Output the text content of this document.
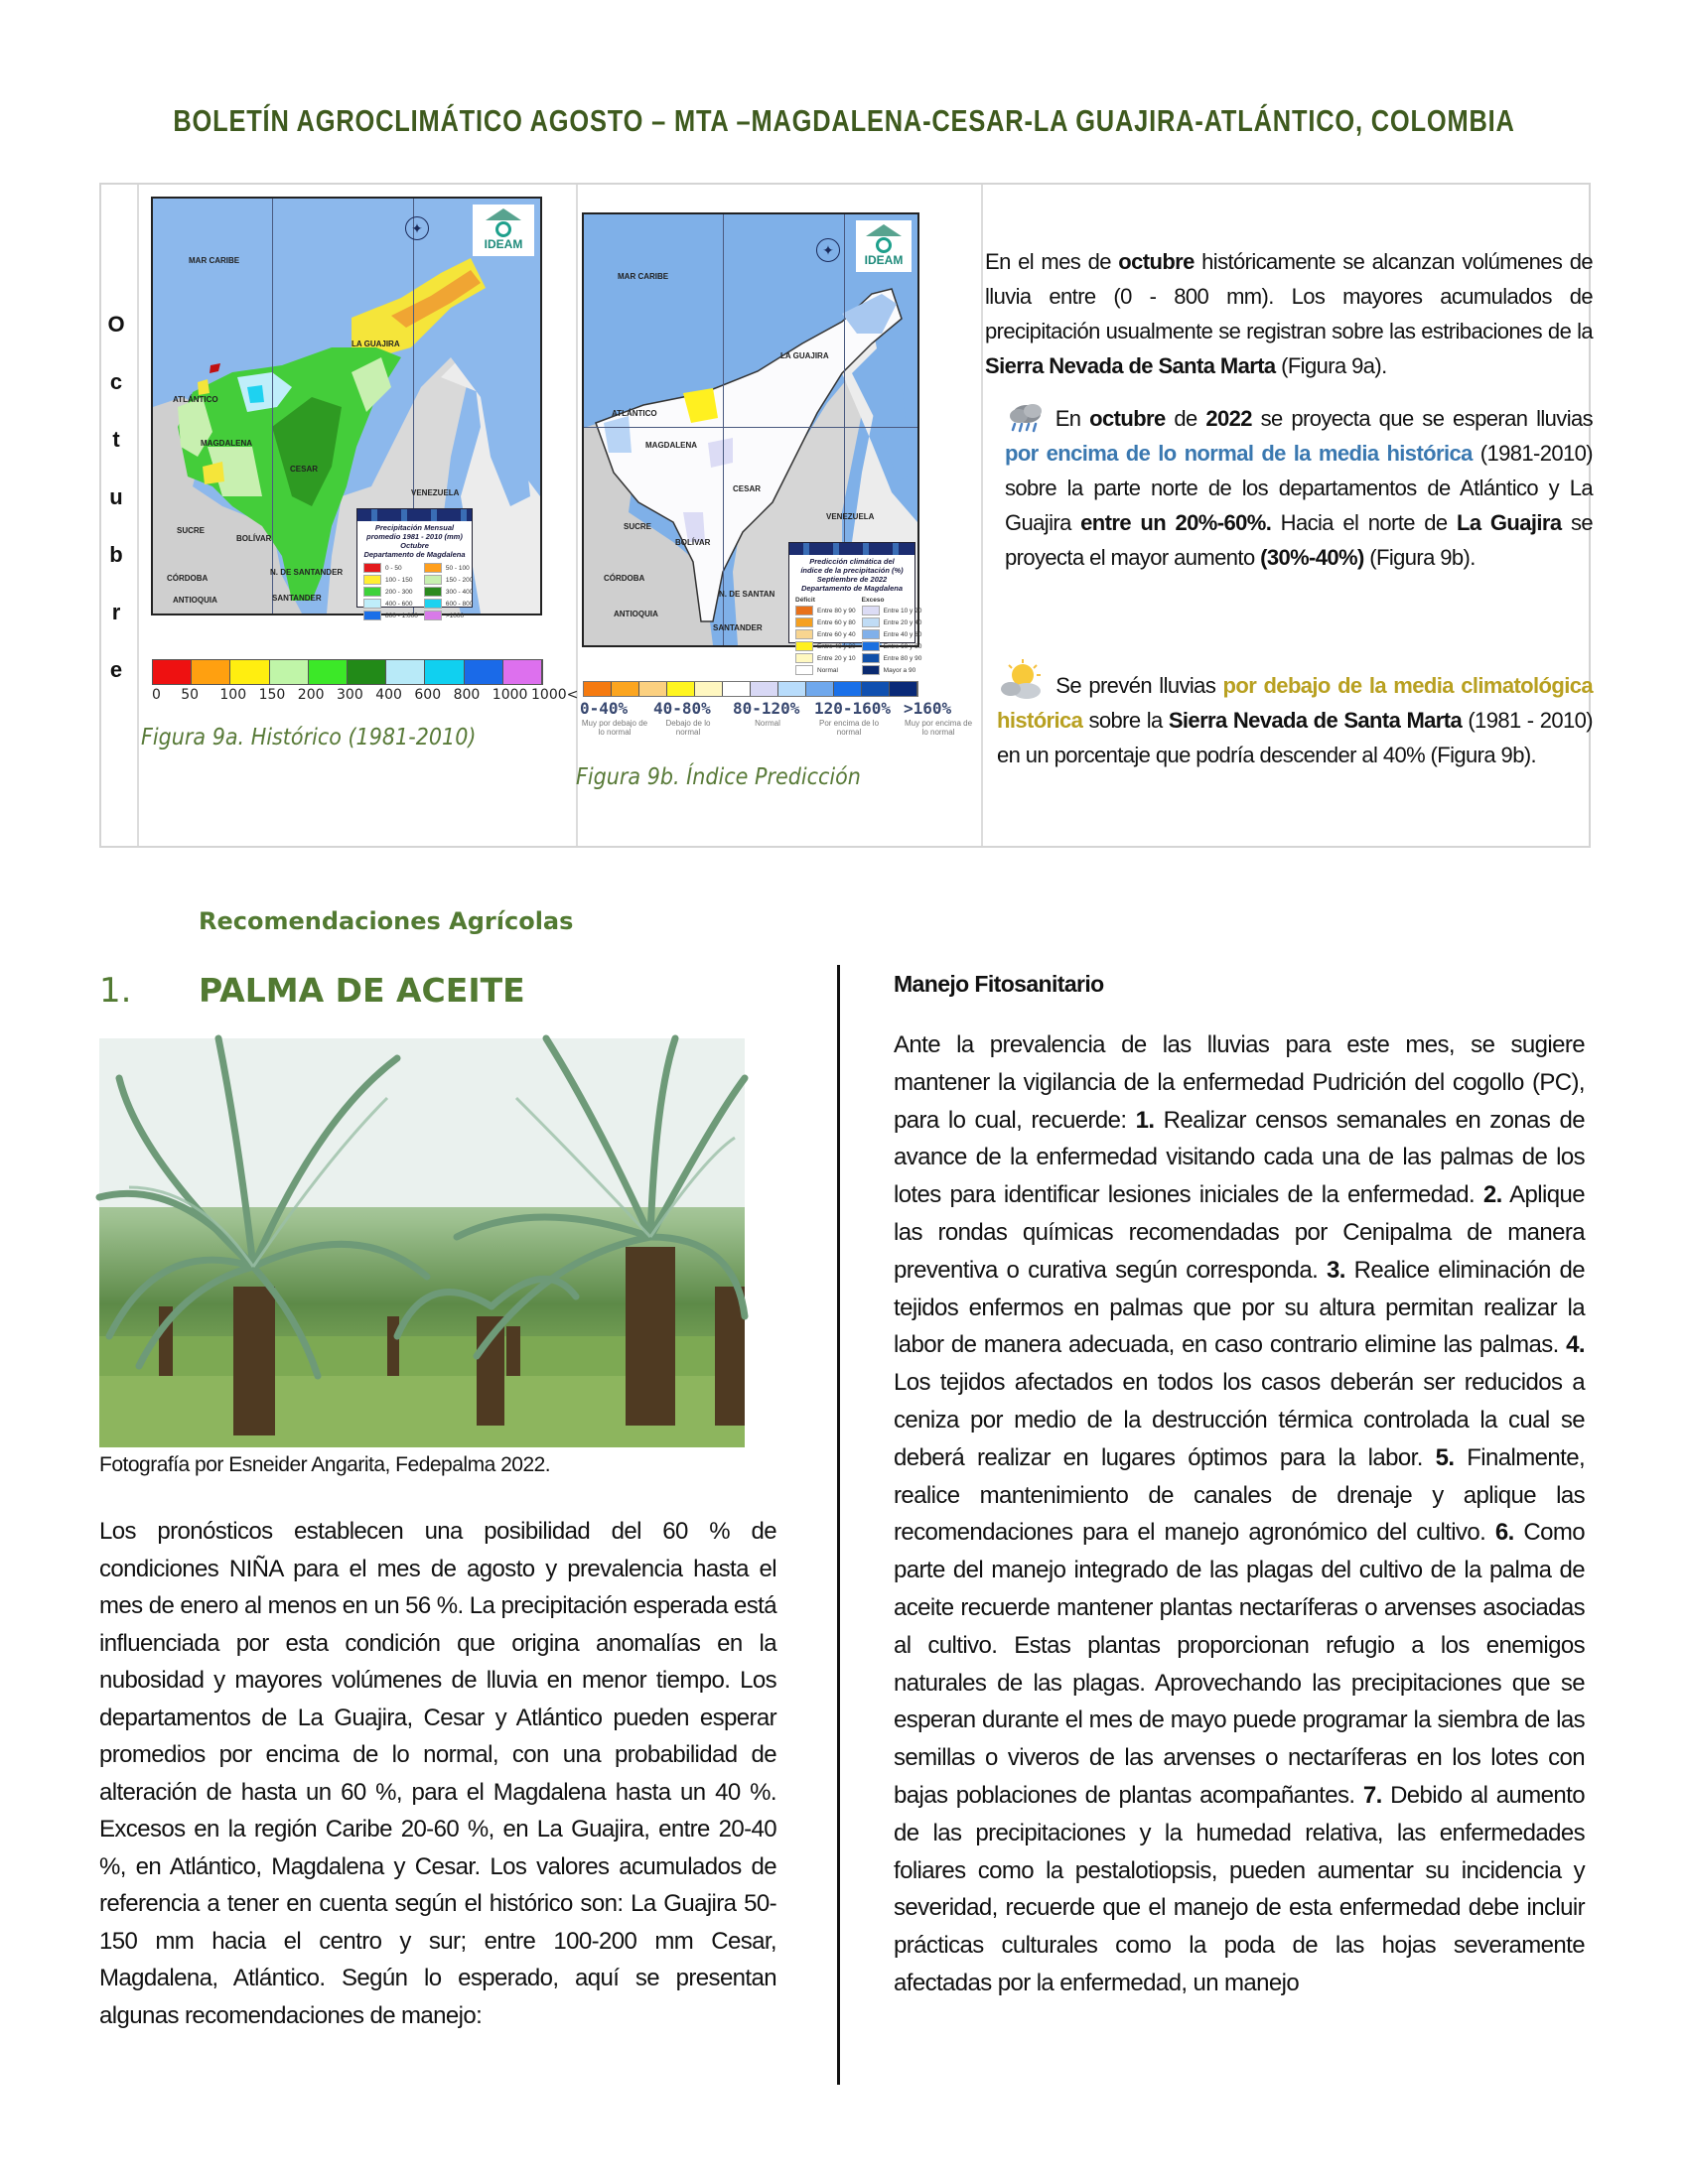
BOLETÍN AGROCLIMÁTICO AGOSTO – MTA –MAGDALENA-CESAR-LA GUAJIRA-ATLÁNTICO, COLOMBIA
O
c
t
u
b
r
e
✦
IDEAM
MAR CARIBE
LA GUAJIRA
ATLÁNTICO
MAGDALENA
CESAR
SUCRE
BOLÍVAR
CÓRDOBA
ANTIOQUIA
N. DE SANTANDER
SANTANDER
VENEZUELA
Precipitación Mensual
promedio 1981 - 2010 (mm)
Octubre
Departamento de Magdalena
0 - 50	50 - 100
100 - 150	150 - 200
200 - 300	300 - 400
400 - 600	600 - 800
800 - 1.000	>1000
0 50 100 150 200 300 400 600 800 1000 1000<
Figura 9a. Histórico (1981-2010)
✦
IDEAM
MAR CARIBE
LA GUAJIRA
ATLÁNTICO
MAGDALENA
CESAR
SUCRE
BOLÍVAR
CÓRDOBA
ANTIOQUIA
N. DE SANTAN
SANTANDER
VENEZUELA
Predicción climática del
índice de la precipitación (%)
Septiembre de 2022
Departamento de Magdalena
Déficit	Exceso
Entre 80 y 90	Entre 10 y 20
Entre 60 y 80	Entre 20 y 40
Entre 60 y 40	Entre 40 y 60
Entre 40 y 20	Entre 60 y 80
Entre 20 y 10	Entre 80 y 90
Normal	Mayor a 90
0-40%
Muy por debajo de lo normal
40-80%
Debajo de lo normal
80-120%
Normal
120-160%
Por encima de lo normal
>160%
Muy por encima de lo normal
Figura 9b. Índice Predicción
En el mes de octubre históricamente se alcanzan volúmenes de lluvia entre (0 - 800 mm). Los mayores acumulados de precipitación usualmente se registran sobre las estribaciones de la Sierra Nevada de Santa Marta (Figura 9a).
En octubre de 2022 se proyecta que se esperan lluvias por encima de lo normal de la media histórica (1981-2010) sobre la parte norte de los departamentos de Atlántico y La Guajira entre un 20%-60%. Hacia el norte de La Guajira se proyecta el mayor aumento (30%-40%) (Figura 9b).
Se prevén lluvias por debajo de la media climatológica histórica sobre la Sierra Nevada de Santa Marta (1981 - 2010) en un porcentaje que podría descender al 40% (Figura 9b).
Recomendaciones Agrícolas
1. PALMA DE ACEITE
Fotografía por Esneider Angarita, Fedepalma 2022.
Los pronósticos establecen una posibilidad del 60 % de condiciones NIÑA para el mes de agosto y prevalencia hasta el mes de enero al menos en un 56 %. La precipitación esperada está influenciada por esta condición que origina anomalías en la nubosidad y mayores volúmenes de lluvia en menor tiempo. Los departamentos de La Guajira, Cesar y Atlántico pueden esperar promedios por encima de lo normal, con una probabilidad de alteración de hasta un 60 %, para el Magdalena hasta un 40 %. Excesos en la región Caribe 20-60 %, en La Guajira, entre 20-40 %, en Atlántico, Magdalena y Cesar. Los valores acumulados de referencia a tener en cuenta según el histórico son: La Guajira 50-150 mm hacia el centro y sur; entre 100-200 mm Cesar, Magdalena, Atlántico. Según lo esperado, aquí se presentan algunas recomendaciones de manejo:
Manejo Fitosanitario
Ante la prevalencia de las lluvias para este mes, se sugiere mantener la vigilancia de la enfermedad Pudrición del cogollo (PC), para lo cual, recuerde: 1. Realizar censos semanales en zonas de avance de la enfermedad visitando cada una de las palmas de los lotes para identificar lesiones iniciales de la enfermedad. 2. Aplique las rondas químicas recomendadas por Cenipalma de manera preventiva o curativa según corresponda. 3. Realice eliminación de tejidos enfermos en palmas que por su altura permitan realizar la labor de manera adecuada, en caso contrario elimine las palmas. 4. Los tejidos afectados en todos los casos deberán ser reducidos a ceniza por medio de la destrucción térmica controlada la cual se deberá realizar en lugares óptimos para la labor. 5. Finalmente, realice mantenimiento de canales de drenaje y aplique las recomendaciones para el manejo agronómico del cultivo. 6. Como parte del manejo integrado de las plagas del cultivo de la palma de aceite recuerde mantener plantas nectaríferas o arvenses asociadas al cultivo. Estas plantas proporcionan refugio a los enemigos naturales de las plagas. Aprovechando las precipitaciones que se esperan durante el mes de mayo puede programar la siembra de las semillas o viveros de las arvenses o nectaríferas en los lotes con bajas poblaciones de plantas acompañantes. 7. Debido al aumento de las precipitaciones y la humedad relativa, las enfermedades foliares como la pestalotiopsis, pueden aumentar su incidencia y severidad, recuerde que el manejo de esta enfermedad debe incluir prácticas culturales como la poda de las hojas severamente afectadas por la enfermedad, un manejo
